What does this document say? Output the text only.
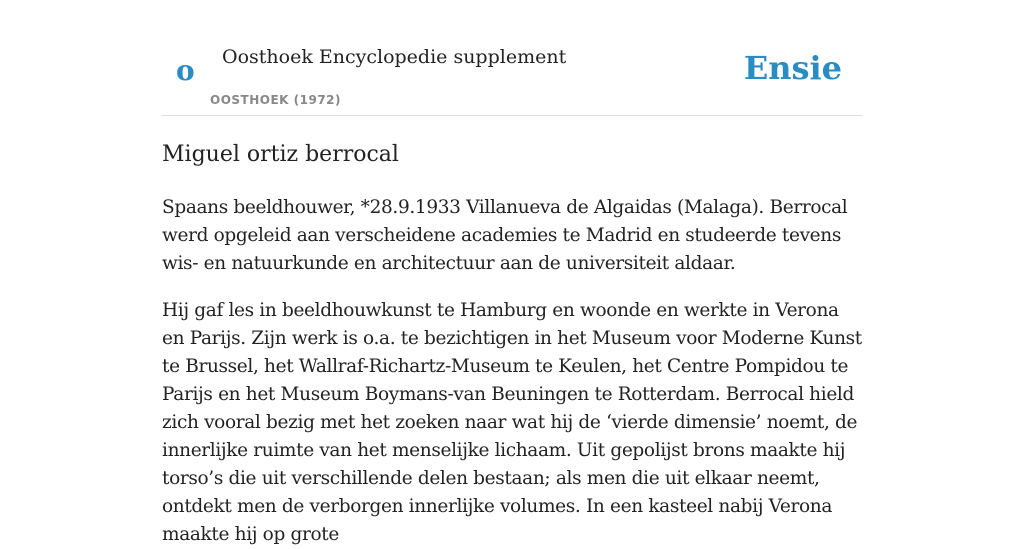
o Oosthoek Encyclopedie supplement
OOSTHOEK (1972)
Ensie
Miguel ortiz berrocal

Spaans beeldhouwer, *28.9.1933 Villanueva de Algaidas (Malaga). Berrocal werd opgeleid aan verscheidene academies te Madrid en studeerde tevens wis- en natuurkunde en architectuur aan de universiteit aldaar.

Hij gaf les in beeldhouwkunst te Hamburg en woonde en werkte in Verona en Parijs. Zijn werk is o.a. te bezichtigen in het Museum voor Moderne Kunst te Brussel, het Wallraf-Richartz-Museum te Keulen, het Centre Pompidou te Parijs en het Museum Boymans-van Beuningen te Rotterdam. Berrocal hield zich vooral bezig met het zoeken naar wat hij de ‘vierde dimensie’ noemt, de innerlijke ruimte van het menselijke lichaam. Uit gepolijst brons maakte hij torso’s die uit verschillende delen bestaan; als men die uit elkaar neemt, ontdekt men de verborgen innerlijke volumes. In een kasteel nabij Verona maakte hij op grote
